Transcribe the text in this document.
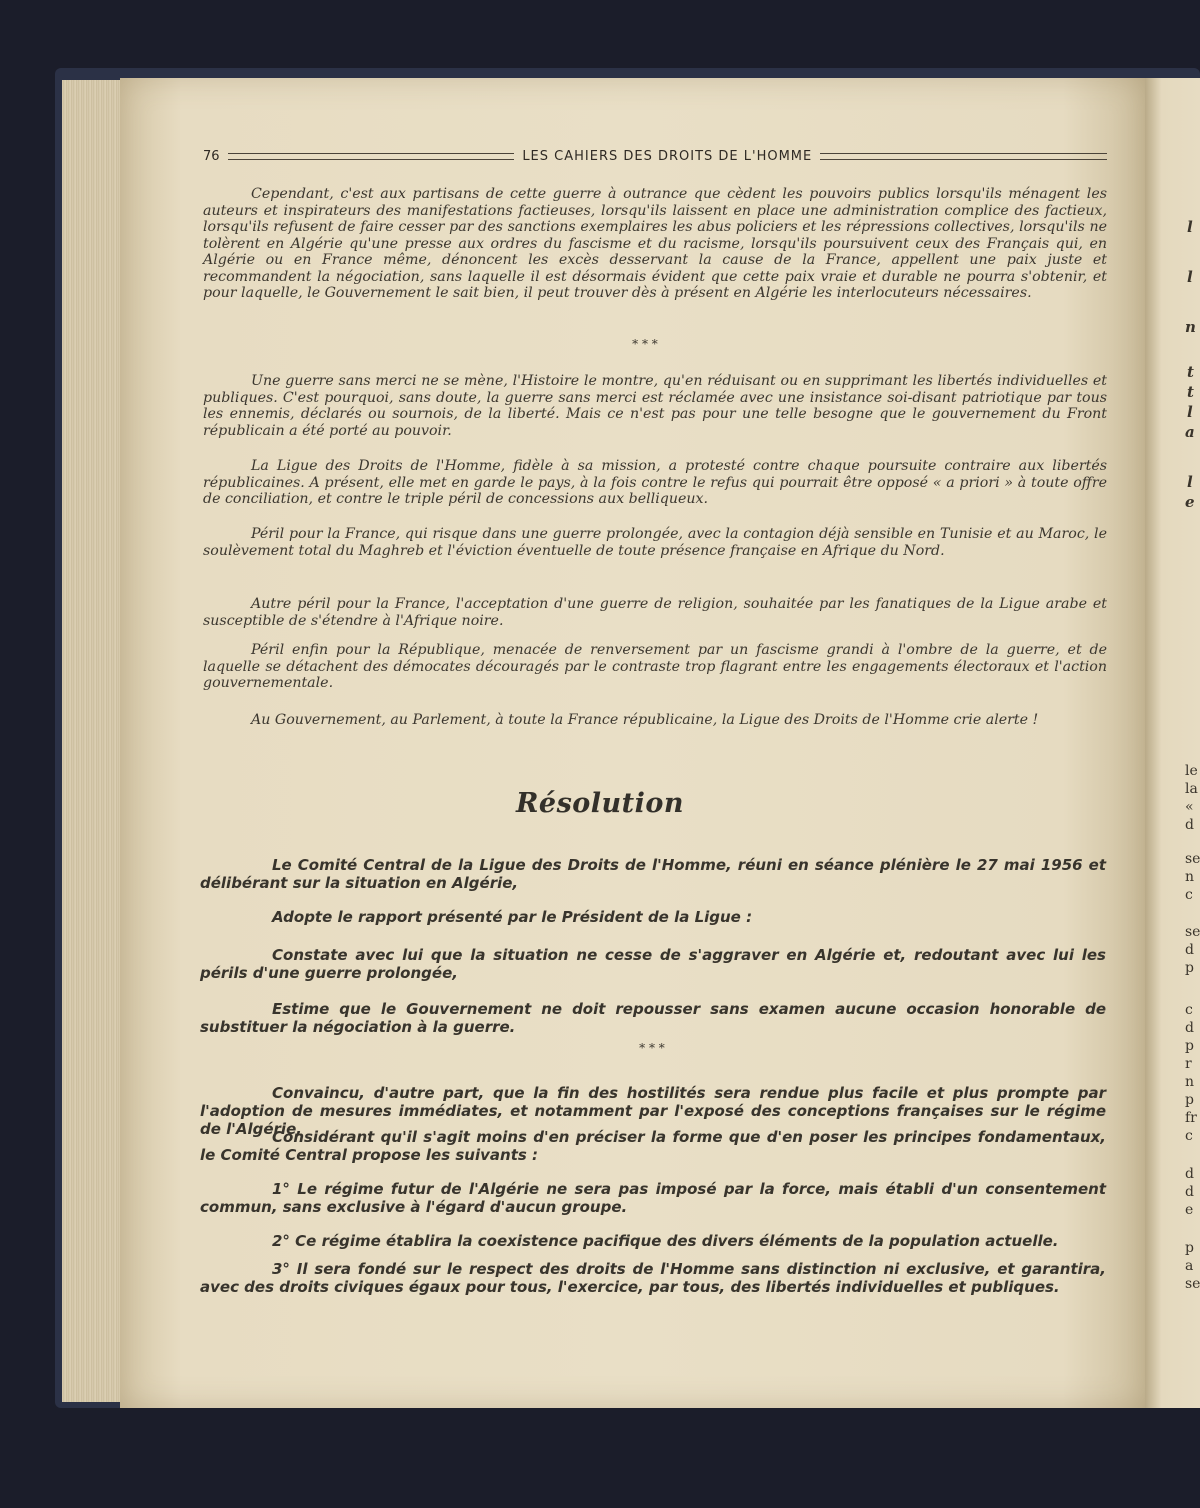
l
l
n
t
t
l
a
l
e
le
la
«
d
se
n
c
se
d
p
c
d
p
r
n
p
fr
c
d
d
e
p
a
se
76	LES CAHIERS DES DROITS DE L'HOMME

Cependant, c'est aux partisans de cette guerre à outrance que cèdent les pouvoirs publics lorsqu'ils ménagent les auteurs et inspirateurs des manifestations factieuses, lorsqu'ils laissent en place une administration complice des factieux, lorsqu'ils refusent de faire cesser par des sanctions exemplaires les abus policiers et les répressions collectives, lorsqu'ils ne tolèrent en Algérie qu'une presse aux ordres du fascisme et du racisme, lorsqu'ils poursuivent ceux des Français qui, en Algérie ou en France même, dénoncent les excès desservant la cause de la France, appellent une paix juste et recommandent la négociation, sans laquelle il est désormais évident que cette paix vraie et durable ne pourra s'obtenir, et pour laquelle, le Gouvernement le sait bien, il peut trouver dès à présent en Algérie les interlocuteurs nécessaires.

* * *

Une guerre sans merci ne se mène, l'Histoire le montre, qu'en réduisant ou en supprimant les libertés individuelles et publiques. C'est pourquoi, sans doute, la guerre sans merci est réclamée avec une insistance soi-disant patriotique par tous les ennemis, déclarés ou sournois, de la liberté. Mais ce n'est pas pour une telle besogne que le gouvernement du Front républicain a été porté au pouvoir.

La Ligue des Droits de l'Homme, fidèle à sa mission, a protesté contre chaque poursuite contraire aux libertés républicaines. A présent, elle met en garde le pays, à la fois contre le refus qui pourrait être opposé « a priori » à toute offre de conciliation, et contre le triple péril de concessions aux belliqueux.

Péril pour la France, qui risque dans une guerre prolongée, avec la contagion déjà sensible en Tunisie et au Maroc, le soulèvement total du Maghreb et l'éviction éventuelle de toute présence française en Afrique du Nord.

Autre péril pour la France, l'acceptation d'une guerre de religion, souhaitée par les fanatiques de la Ligue arabe et susceptible de s'étendre à l'Afrique noire.

Péril enfin pour la République, menacée de renversement par un fascisme grandi à l'ombre de la guerre, et de laquelle se détachent des démocates découragés par le contraste trop flagrant entre les engagements électoraux et l'action gouvernementale.

Au Gouvernement, au Parlement, à toute la France républicaine, la Ligue des Droits de l'Homme crie alerte !

Résolution

Le Comité Central de la Ligue des Droits de l'Homme, réuni en séance plénière le 27 mai 1956 et délibérant sur la situation en Algérie,

Adopte le rapport présenté par le Président de la Ligue :

Constate avec lui que la situation ne cesse de s'aggraver en Algérie et, redoutant avec lui les périls d'une guerre prolongée,

Estime que le Gouvernement ne doit repousser sans examen aucune occasion honorable de substituer la négociation à la guerre.

* * *

Convaincu, d'autre part, que la fin des hostilités sera rendue plus facile et plus prompte par l'adoption de mesures immédiates, et notamment par l'exposé des conceptions françaises sur le régime de l'Algérie,

Considérant qu'il s'agit moins d'en préciser la forme que d'en poser les principes fondamentaux, le Comité Central propose les suivants :

1° Le régime futur de l'Algérie ne sera pas imposé par la force, mais établi d'un consentement commun, sans exclusive à l'égard d'aucun groupe.

2° Ce régime établira la coexistence pacifique des divers éléments de la population actuelle.

3° Il sera fondé sur le respect des droits de l'Homme sans distinction ni exclusive, et garantira, avec des droits civiques égaux pour tous, l'exercice, par tous, des libertés individuelles et publiques.
